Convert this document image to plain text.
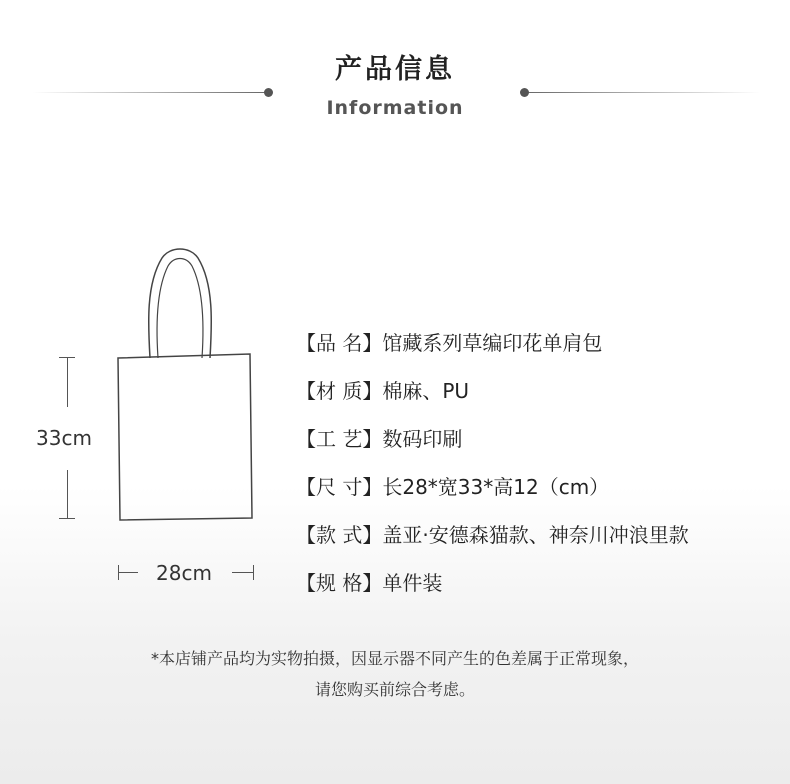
产品信息
Information
33cm
28cm
【品 名】馆藏系列草编印花单肩包
【材 质】棉麻、PU
【工 艺】数码印刷
【尺 寸】长28*宽33*高12（cm）
【款 式】盖亚·安德森猫款、神奈川冲浪里款
【规 格】单件装
*本店铺产品均为实物拍摄，因显示器不同产生的色差属于正常现象，
请您购买前综合考虑。
